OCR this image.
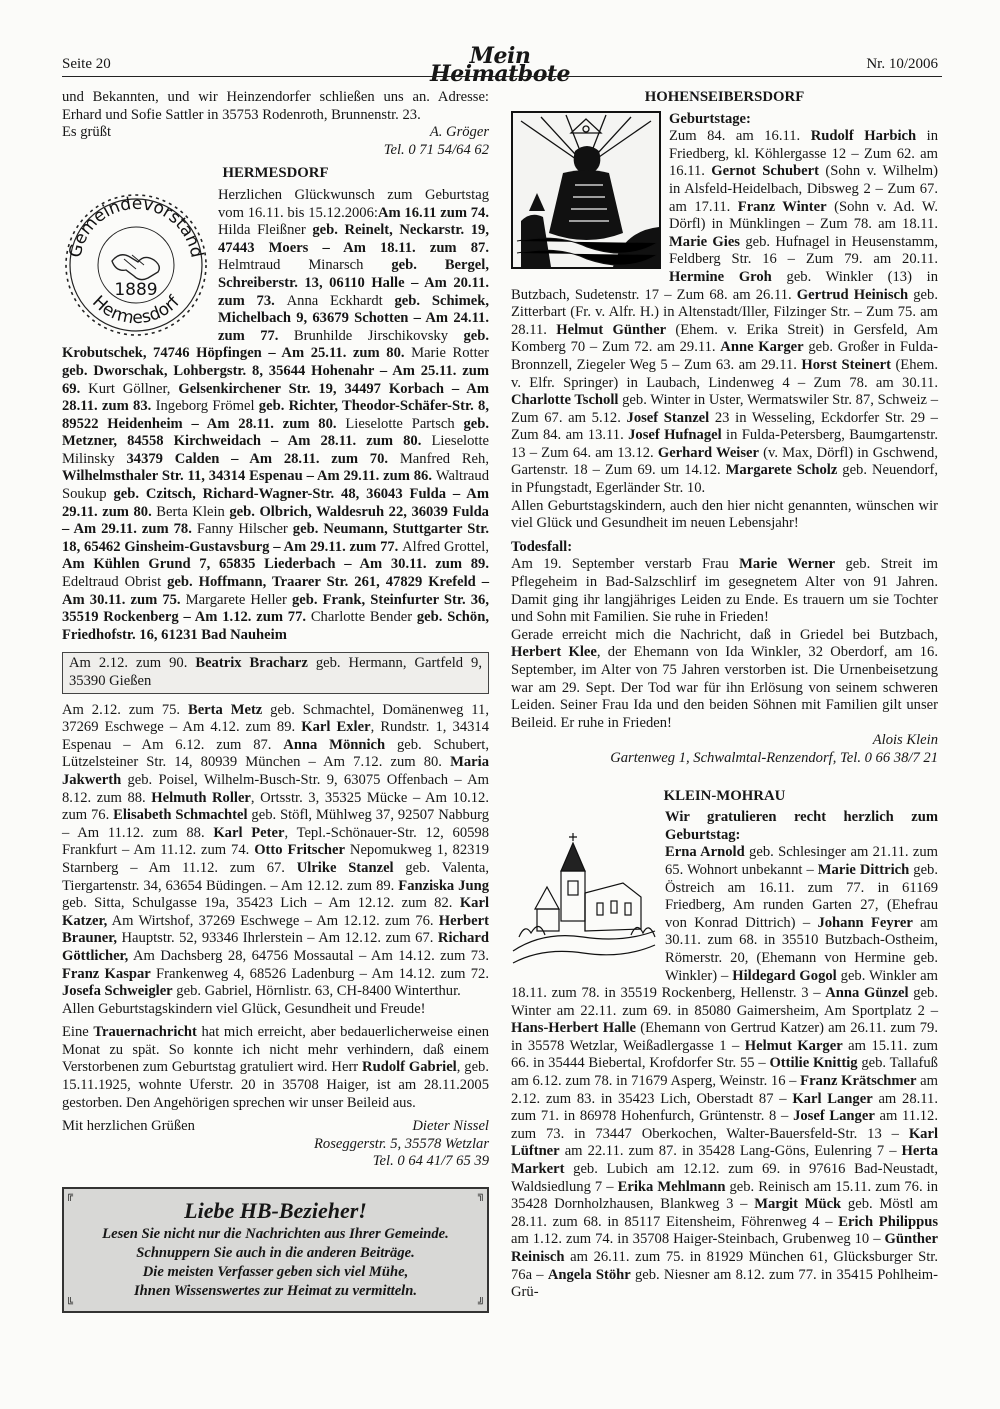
Seite 20	Mein Heimatbote	Nr. 10/2006

und Bekannten, und wir Heinzendorfer schließen uns an. Adresse: Erhard und Sofie Sattler in 35753 Rodenroth, Brunnenstr. 23.

Es grüßt	A. Gröger

Tel. 0 71 54/64 62

HERMESDORF
Gemeindevorstand
Hermesdorf
1889

Herzlichen Glückwunsch zum Geburtstag vom 16.11. bis 15.12.2006:Am 16.11 zum 74. Hilda Fleißner geb. Reinelt, Neckarstr. 19, 47443 Moers – Am 18.11. zum 87. Helmtraud Minarsch geb. Bergel, Schreiberstr. 13, 06110 Halle – Am 20.11. zum 73. Anna Eckhardt geb. Schimek, Michelbach 9, 63679 Schotten – Am 24.11. zum 77. Brunhilde Jirschikovsky geb. Krobutschek, 74746 Höpfingen – Am 25.11. zum 80. Marie Rotter geb. Dworschak, Lohbergstr. 8, 35644 Hohenahr – Am 25.11. zum 69. Kurt Göllner, Gelsenkirchener Str. 19, 34497 Korbach – Am 28.11. zum 83. Ingeborg Frömel geb. Richter, Theodor-Schäfer-Str. 8, 89522 Heidenheim – Am 28.11. zum 80. Lieselotte Partsch geb. Metzner, 84558 Kirchweidach – Am 28.11. zum 80. Lieselotte Milinsky 34379 Calden – Am 28.11. zum 70. Manfred Reh, Wilhelmsthaler Str. 11, 34314 Espenau – Am 29.11. zum 86. Waltraud Soukup geb. Czitsch, Richard-Wagner-Str. 48, 36043 Fulda – Am 29.11. zum 80. Berta Klein geb. Olbrich, Waldesruh 22, 36039 Fulda – Am 29.11. zum 78. Fanny Hilscher geb. Neumann, Stuttgarter Str. 18, 65462 Ginsheim-Gustavsburg – Am 29.11. zum 77. Alfred Grottel, Am Kühlen Grund 7, 65835 Liederbach – Am 30.11. zum 89. Edeltraud Obrist geb. Hoffmann, Traarer Str. 261, 47829 Krefeld – Am 30.11. zum 75. Margarete Heller geb. Frank, Steinfurter Str. 36, 35519 Rockenberg – Am 1.12. zum 77. Charlotte Bender geb. Schön, Friedhofstr. 16, 61231 Bad Nauheim

Am 2.12. zum 90. Beatrix Bracharz geb. Hermann, Gartfeld 9, 35390 Gießen

Am 2.12. zum 75. Berta Metz geb. Schmachtel, Domänenweg 11, 37269 Eschwege – Am 4.12. zum 89. Karl Exler, Rundstr. 1, 34314 Espenau – Am 6.12. zum 87. Anna Mönnich geb. Schubert, Lützelsteiner Str. 14, 80939 München – Am 7.12. zum 80. Maria Jakwerth geb. Poisel, Wilhelm-Busch-Str. 9, 63075 Offenbach – Am 8.12. zum 88. Helmuth Roller, Ortsstr. 3, 35325 Mücke – Am 10.12. zum 76. Elisabeth Schmachtel geb. Stöfl, Mühlweg 37, 92507 Nabburg – Am 11.12. zum 88. Karl Peter, Tepl.-Schönauer-Str. 12, 60598 Frankfurt – Am 11.12. zum 74. Otto Fritscher Nepomukweg 1, 82319 Starnberg – Am 11.12. zum 67. Ulrike Stanzel geb. Valenta, Tiergartenstr. 34, 63654 Büdingen. – Am 12.12. zum 89. Fanziska Jung geb. Sitta, Schulgasse 19a, 35423 Lich – Am 12.12. zum 82. Karl Katzer, Am Wirtshof, 37269 Eschwege – Am 12.12. zum 76. Herbert Brauner, Hauptstr. 52, 93346 Ihrlerstein – Am 12.12. zum 67. Richard Göttlicher, Am Dachsberg 28, 64756 Mossautal – Am 14.12. zum 73. Franz Kaspar Frankenweg 4, 68526 Ladenburg – Am 14.12. zum 72. Josefa Schweigler geb. Gabriel, Hörnlistr. 63, CH-8400 Winterthur.

Allen Geburtstagskindern viel Glück, Gesundheit und Freude!

Eine Trauernachricht hat mich erreicht, aber bedauerlicherweise einen Monat zu spät. So konnte ich nicht mehr verhindern, daß einem Verstorbenen zum Geburtstag gratuliert wird. Herr Rudolf Gabriel, geb. 15.11.1925, wohnte Uferstr. 20 in 35708 Haiger, ist am 28.11.2005 gestorben. Den Angehörigen sprechen wir unser Beileid aus.

Mit herzlichen Grüßen	Dieter Nissel

Roseggerstr. 5, 35578 Wetzlar

Tel. 0 64 41/7 65 39

╔	╗
╚	╝
Liebe HB-Bezieher!
Lesen Sie nicht nur die Nachrichten aus Ihrer Gemeinde.
Schnuppern Sie auch in die anderen Beiträge.
Die meisten Verfasser geben sich viel Mühe,
Ihnen Wissenswertes zur Heimat zu vermitteln.
HOHENSEIBERSDORF

Geburtstage:

Zum 84. am 16.11. Rudolf Harbich in Friedberg, kl. Köhlergasse 12 – Zum 62. am 16.11. Gernot Schubert (Sohn v. Wilhelm) in Alsfeld-Heidelbach, Dibsweg 2 – Zum 67. am 17.11. Franz Winter (Sohn v. Ad. W. Dörfl) in Münklingen – Zum 78. am 18.11. Marie Gies geb. Hufnagel in Heusenstamm, Feldberg Str. 16 – Zum 79. am 20.11. Hermine Groh geb. Winkler (13) in Butzbach, Sudetenstr. 17 – Zum 68. am 26.11. Gertrud Heinisch geb. Zitterbart (Fr. v. Alfr. H.) in Altenstadt/Iller, Filzinger Str. – Zum 75. am 28.11. Helmut Günther (Ehem. v. Erika Streit) in Gersfeld, Am Komberg 70 – Zum 72. am 29.11. Anne Karger geb. Großer in Fulda-Bronnzell, Ziegeler Weg 5 – Zum 63. am 29.11. Horst Steinert (Ehem. v. Elfr. Springer) in Laubach, Lindenweg 4 – Zum 78. am 30.11. Charlotte Tscholl geb. Winter in Uster, Wermatswiler Str. 87, Schweiz – Zum 67. am 5.12. Josef Stanzel 23 in Wesseling, Eckdorfer Str. 29 – Zum 84. am 13.11. Josef Hufnagel in Fulda-Petersberg, Baumgartenstr. 13 – Zum 64. am 13.12. Gerhard Weiser (v. Max, Dörfl) in Gschwend, Gartenstr. 18 – Zum 69. um 14.12. Margarete Scholz geb. Neuendorf, in Pfungstadt, Egerländer Str. 10.

Allen Geburtstagskindern, auch den hier nicht genannten, wünschen wir viel Glück und Gesundheit im neuen Lebensjahr!

Todesfall:

Am 19. September verstarb Frau Marie Werner geb. Streit im Pflegeheim in Bad-Salzschlirf im gesegnetem Alter von 91 Jahren. Damit ging ihr langjähriges Leiden zu Ende. Es trauern um sie Tochter und Sohn mit Familien. Sie ruhe in Frieden!

Gerade erreicht mich die Nachricht, daß in Griedel bei Butzbach, Herbert Klee, der Ehemann von Ida Winkler, 32 Oberdorf, am 16. September, im Alter von 75 Jahren verstorben ist. Die Urnenbeisetzung war am 29. Sept. Der Tod war für ihn Erlösung von seinem schweren Leiden. Seiner Frau Ida und den beiden Söhnen mit Familien gilt unser Beileid. Er ruhe in Frieden!

Alois Klein

Gartenweg 1, Schwalmtal-Renzendorf, Tel. 0 66 38/7 21

KLEIN-MOHRAU

Wir gratulieren recht herzlich zum Geburtstag:

Erna Arnold geb. Schlesinger am 21.11. zum 65. Wohnort unbekannt – Marie Dittrich geb. Östreich am 16.11. zum 77. in 61169 Friedberg, Am runden Garten 27, (Ehefrau von Konrad Dittrich) – Johann Feyrer am 30.11. zum 68. in 35510 Butzbach-Ostheim, Römerstr. 20, (Ehemann von Hermine geb. Winkler) – Hildegard Gogol geb. Winkler am 18.11. zum 78. in 35519 Rockenberg, Hellenstr. 3 – Anna Günzel geb. Winter am 22.11. zum 69. in 85080 Gaimersheim, Am Sportplatz 2 – Hans-Herbert Halle (Ehemann von Gertrud Katzer) am 26.11. zum 79. in 35578 Wetzlar, Weißadlergasse 1 – Helmut Karger am 15.11. zum 66. in 35444 Biebertal, Krofdorfer Str. 55 – Ottilie Knittig geb. Tallafuß am 6.12. zum 78. in 71679 Asperg, Weinstr. 16 – Franz Krätschmer am 2.12. zum 83. in 35423 Lich, Oberstadt 87 – Karl Langer am 28.11. zum 71. in 86978 Hohenfurch, Grüntenstr. 8 – Josef Langer am 11.12. zum 73. in 73447 Oberkochen, Walter-Bauersfeld-Str. 13 – Karl Lüftner am 22.11. zum 87. in 35428 Lang-Göns, Eulenring 7 – Herta Markert geb. Lubich am 12.12. zum 69. in 97616 Bad-Neustadt, Waldsiedlung 7 – Erika Mehlmann geb. Reinisch am 15.11. zum 76. in 35428 Dornholzhausen, Blankweg 3 – Margit Mück geb. Möstl am 28.11. zum 68. in 85117 Eitensheim, Föhrenweg 4 – Erich Philippus am 1.12. zum 74. in 35708 Haiger-Steinbach, Grubenweg 10 – Günther Reinisch am 26.11. zum 75. in 81929 München 61, Glücksburger Str. 76a – Angela Stöhr geb. Niesner am 8.12. zum 77. in 35415 Pohlheim-Grü-
